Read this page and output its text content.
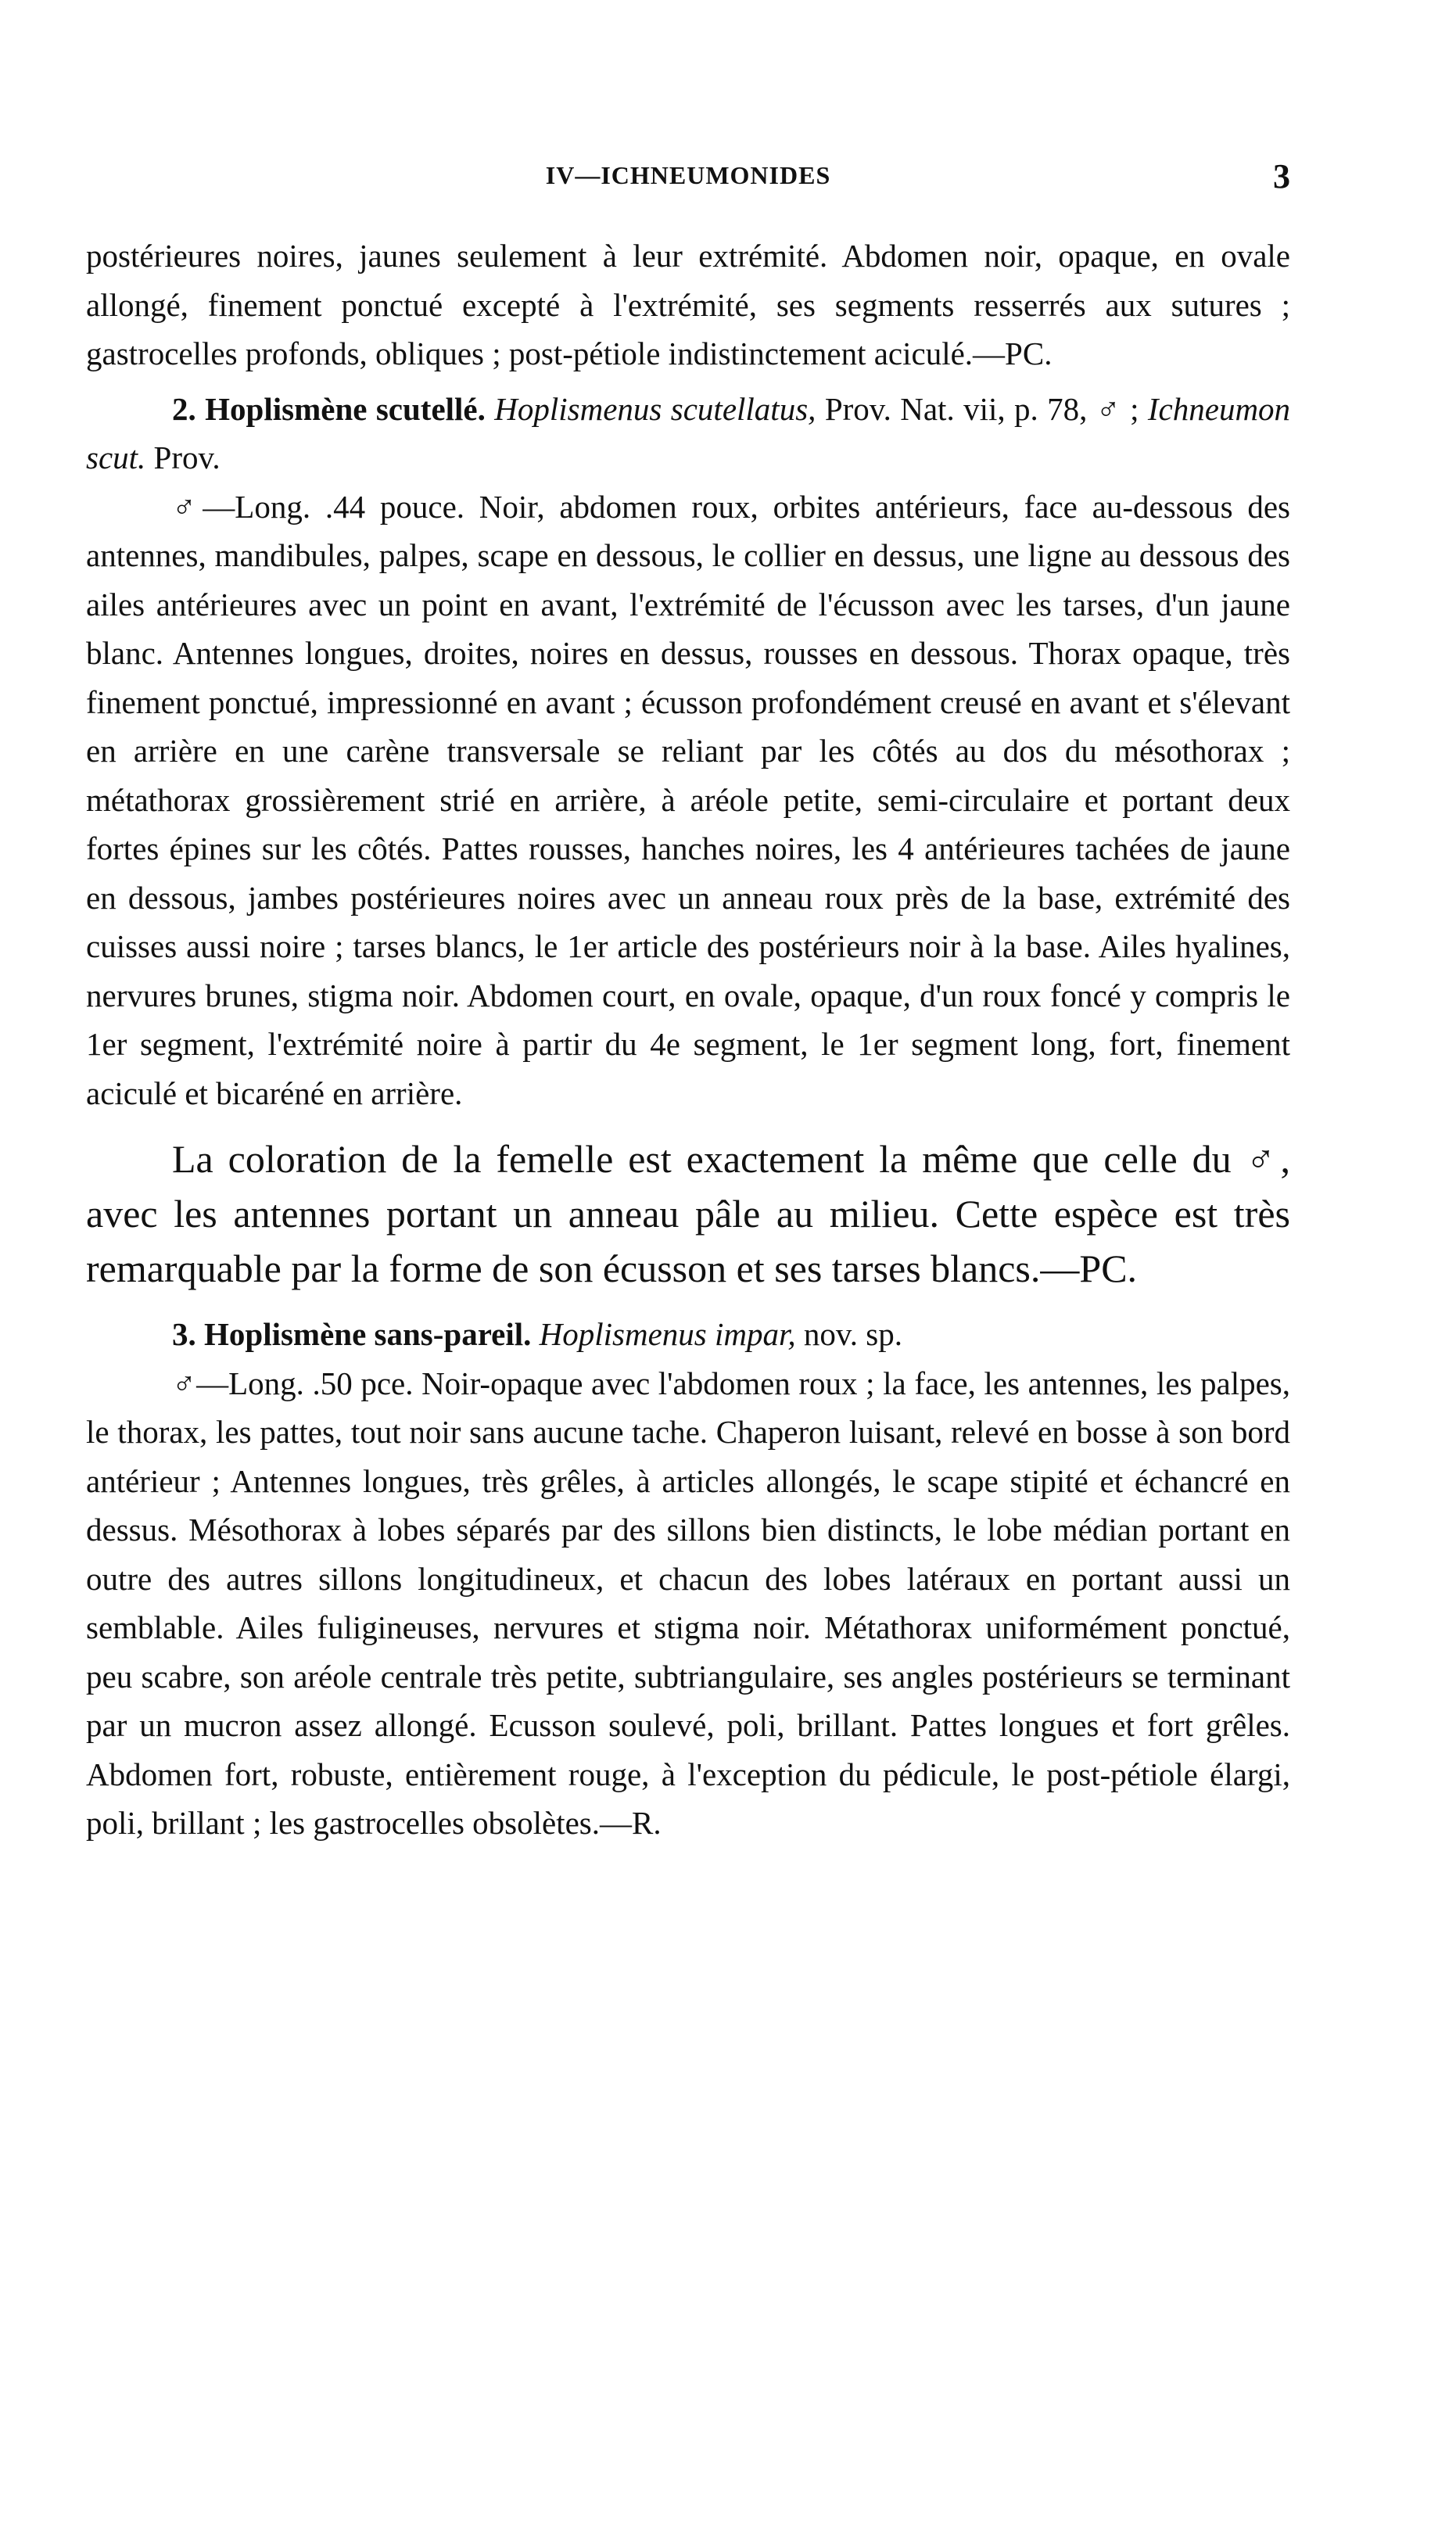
IV—ICHNEUMONIDES	3

postérieures noires, jaunes seulement à leur extrémité. Abdomen noir, opaque, en ovale allongé, finement ponctué excepté à l'extrémité, ses segments resserrés aux sutures ; gastrocelles profonds, obliques ; post-pétiole indistinctement aciculé.—PC.

2. Hoplismène scutellé. Hoplismenus scutellatus, Prov. Nat. vii, p. 78, ♂ ; Ichneumon scut. Prov.

♂—Long. .44 pouce. Noir, abdomen roux, orbites antérieurs, face au-dessous des antennes, mandibules, palpes, scape en dessous, le collier en dessus, une ligne au dessous des ailes antérieures avec un point en avant, l'extrémité de l'écusson avec les tarses, d'un jaune blanc. Antennes longues, droites, noires en dessus, rousses en dessous. Thorax opaque, très finement ponctué, impressionné en avant ; écusson profondément creusé en avant et s'élevant en arrière en une carène transversale se reliant par les côtés au dos du mésothorax ; métathorax grossièrement strié en arrière, à aréole petite, semi-circulaire et portant deux fortes épines sur les côtés. Pattes rousses, hanches noires, les 4 antérieures tachées de jaune en dessous, jambes postérieures noires avec un anneau roux près de la base, extrémité des cuisses aussi noire ; tarses blancs, le 1er article des postérieurs noir à la base. Ailes hyalines, nervures brunes, stigma noir. Abdomen court, en ovale, opaque, d'un roux foncé y compris le 1er segment, l'extrémité noire à partir du 4e segment, le 1er segment long, fort, finement aciculé et bicaréné en arrière.

La coloration de la femelle est exactement la même que celle du ♂, avec les antennes portant un anneau pâle au milieu. Cette espèce est très remarquable par la forme de son écusson et ses tarses blancs.—PC.

3. Hoplismène sans-pareil. Hoplismenus impar, nov. sp.

♂—Long. .50 pce. Noir-opaque avec l'abdomen roux ; la face, les antennes, les palpes, le thorax, les pattes, tout noir sans aucune tache. Chaperon luisant, relevé en bosse à son bord antérieur ; Antennes longues, très grêles, à articles allongés, le scape stipité et échancré en dessus. Mésothorax à lobes séparés par des sillons bien distincts, le lobe médian portant en outre des autres sillons longitudineux, et chacun des lobes latéraux en portant aussi un semblable. Ailes fuligineuses, nervures et stigma noir. Métathorax uniformément ponctué, peu scabre, son aréole centrale très petite, subtriangulaire, ses angles postérieurs se terminant par un mucron assez allongé. Ecusson soulevé, poli, brillant. Pattes longues et fort grêles. Abdomen fort, robuste, entièrement rouge, à l'exception du pédicule, le post-pétiole élargi, poli, brillant ; les gastrocelles obsolètes.—R.
